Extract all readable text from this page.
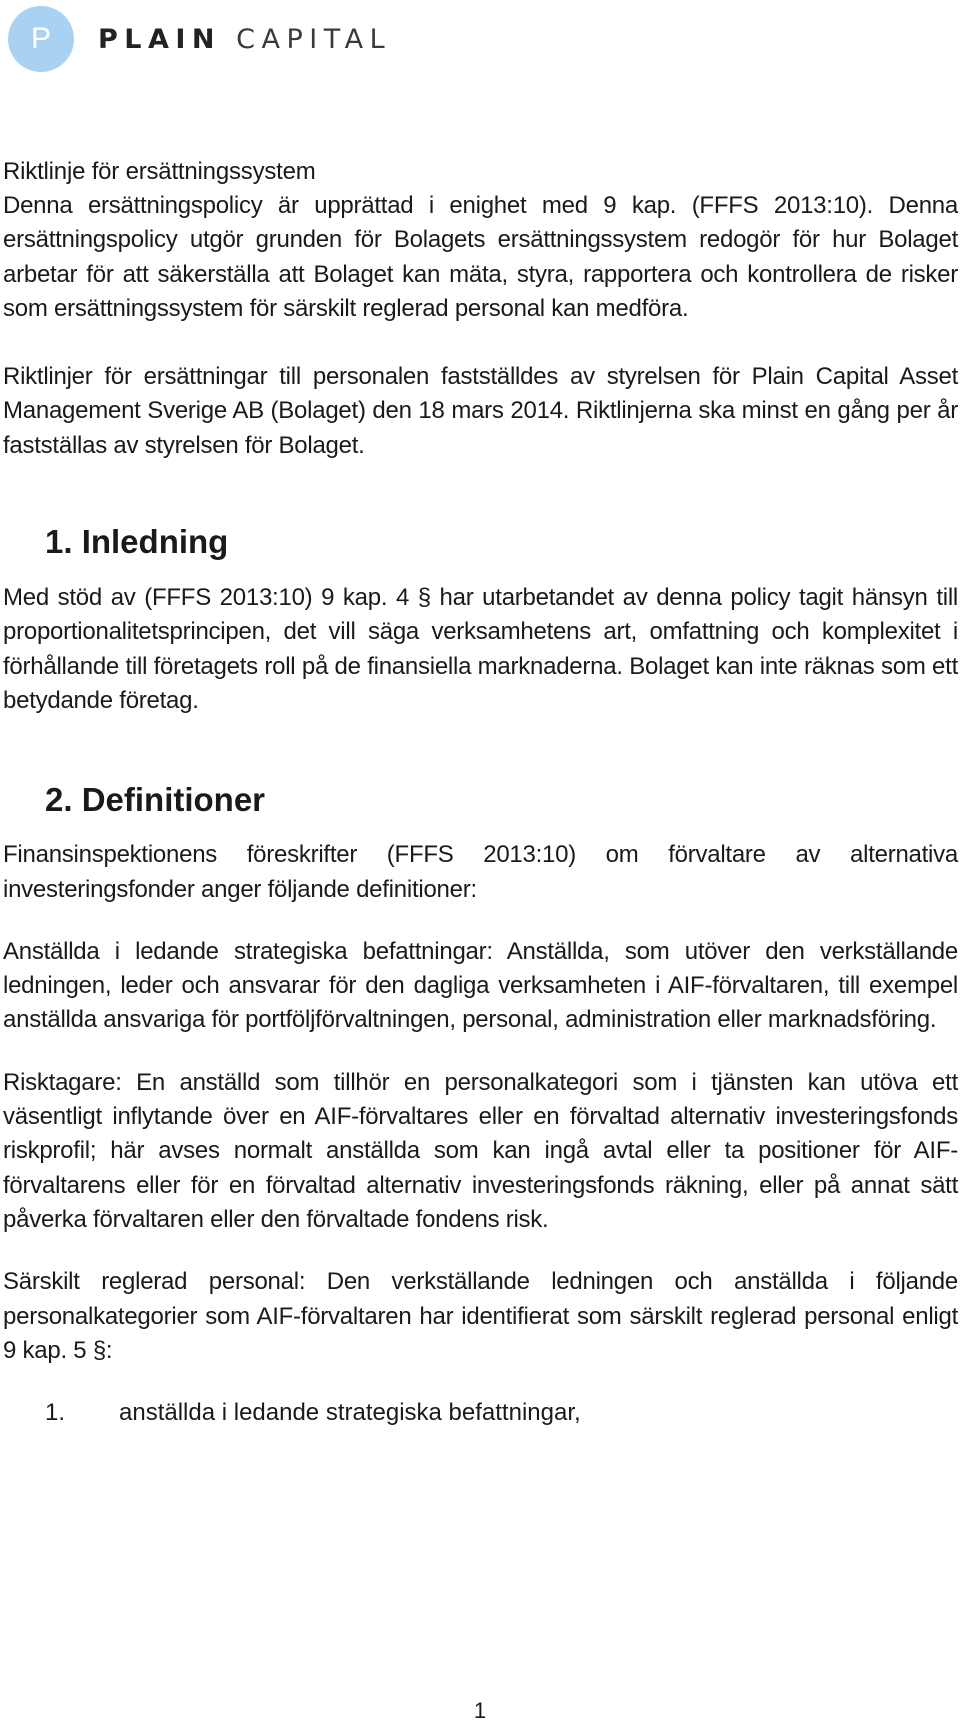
P PLAIN CAPITAL
Riktlinje för ersättningssystem

Denna ersättningspolicy är upprättad i enighet med 9 kap. (FFFS 2013:10). Denna ersättningspolicy utgör grunden för Bolagets ersättningssystem redogör för hur Bolaget arbetar för att säkerställa att Bolaget kan mäta, styra, rapportera och kontrollera de risker som ersättningssystem för särskilt reglerad personal kan medföra.

Riktlinjer för ersättningar till personalen fastställdes av styrelsen för Plain Capital Asset Management Sverige AB (Bolaget) den 18 mars 2014. Riktlinjerna ska minst en gång per år fastställas av styrelsen för Bolaget.

1. Inledning

Med stöd av (FFFS 2013:10) 9 kap. 4 § har utarbetandet av denna policy tagit hänsyn till proportionalitetsprincipen, det vill säga verksamhetens art, omfattning och komplexitet i förhållande till företagets roll på de finansiella marknaderna. Bolaget kan inte räknas som ett betydande företag.

2. Definitioner

Finansinspektionens föreskrifter (FFFS 2013:10) om förvaltare av alternativa investeringsfonder anger följande definitioner:

Anställda i ledande strategiska befattningar: Anställda, som utöver den verkställande ledningen, leder och ansvarar för den dagliga verksamheten i AIF-förvaltaren, till exempel anställda ansvariga för portföljförvaltningen, personal, administration eller marknadsföring.

Risktagare: En anställd som tillhör en personalkategori som i tjänsten kan utöva ett väsentligt inflytande över en AIF-förvaltares eller en förvaltad alternativ investeringsfonds riskprofil; här avses normalt anställda som kan ingå avtal eller ta positioner för AIF-förvaltarens eller för en förvaltad alternativ investeringsfonds räkning, eller på annat sätt påverka förvaltaren eller den förvaltade fondens risk.

Särskilt reglerad personal: Den verkställande ledningen och anställda i följande personalkategorier som AIF-förvaltaren har identifierat som särskilt reglerad personal enligt 9 kap. 5 §:

1.	anställda i ledande strategiska befattningar,
1
